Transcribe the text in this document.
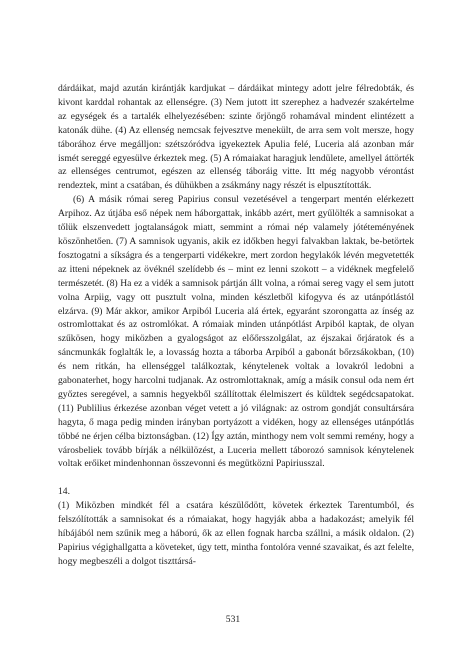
dárdáikat, majd azután kirántják kardjukat – dárdáikat mintegy adott jelre félredobták, és kivont karddal rohantak az ellenségre. (3) Nem jutott itt szerephez a hadvezér szakértelme az egységek és a tartalék elhelyezésében: szinte őrjöngő rohamával mindent elintézett a katonák dühe. (4) Az ellenség nemcsak fejvesztve menekült, de arra sem volt mersze, hogy táborához érve megálljon: szétszóródva igyekeztek Apulia felé, Luceria alá azonban már ismét sereggé egyesülve érkeztek meg. (5) A rómaiakat haragjuk lendülete, amellyel áttörték az ellenséges centrumot, egészen az ellenség táboráig vitte. Itt még nagyobb vérontást rendeztek, mint a csatában, és dühükben a zsákmány nagy részét is elpusztították.

(6) A másik római sereg Papirius consul vezetésével a tengerpart mentén elérkezett Arpihoz. Az útjába eső népek nem háborgattak, inkább azért, mert gyűlölték a samnisokat a tőlük elszenvedett jogtalanságok miatt, semmint a római nép valamely jótéteményének köszönhetően. (7) A samnisok ugyanis, akik ez időkben hegyi falvakban laktak, be-betörtek fosztogatni a síkságra és a tengerparti vidékekre, mert zordon hegylakók lévén megvetették az itteni népeknek az övéknél szelídebb és – mint ez lenni szokott – a vidéknek megfelelő természetét. (8) Ha ez a vidék a samnisok pártján állt volna, a római sereg vagy el sem jutott volna Arpiig, vagy ott pusztult volna, minden készletből kifogyva és az utánpótlástól elzárva. (9) Már akkor, amikor Arpiból Luceria alá értek, egyaránt szorongatta az ínség az ostromlottakat és az ostromlókat. A rómaiak minden utánpótlást Arpiból kaptak, de olyan szűkösen, hogy miközben a gyalogságot az előőrsszolgálat, az éjszakai őrjáratok és a sáncmunkák foglalták le, a lovasság hozta a táborba Arpiból a gabonát bőrzsákokban, (10) és nem ritkán, ha ellenséggel találkoztak, kénytelenek voltak a lovakról ledobni a gabonaterhet, hogy harcolni tudjanak. Az ostromlottaknak, amíg a másik consul oda nem ért győztes seregével, a samnis hegyekből szállítottak élelmiszert és küldtek segédcsapatokat. (11) Publilius érkezése azonban véget vetett a jó világnak: az ostrom gondját consultársára hagyta, ő maga pedig minden irányban portyázott a vidéken, hogy az ellenséges utánpótlás többé ne érjen célba biztonságban. (12) Így aztán, minthogy nem volt semmi remény, hogy a városbeliek tovább bírják a nélkülözést, a Luceria mellett táborozó samnisok kénytelenek voltak erőiket mindenhonnan összevonni és megütközni Papiriusszal.

14.

(1) Miközben mindkét fél a csatára készülődött, követek érkeztek Tarentumból, és felszólították a samnisokat és a rómaiakat, hogy hagyják abba a hadakozást; amelyik fél híbájából nem szűnik meg a háború, ők az ellen fognak harcba szállni, a másik oldalon. (2) Papirius végighallgatta a követeket, úgy tett, mintha fontolóra venné szavaikat, és azt felelte, hogy megbeszéli a dolgot tiszttársá-

531
